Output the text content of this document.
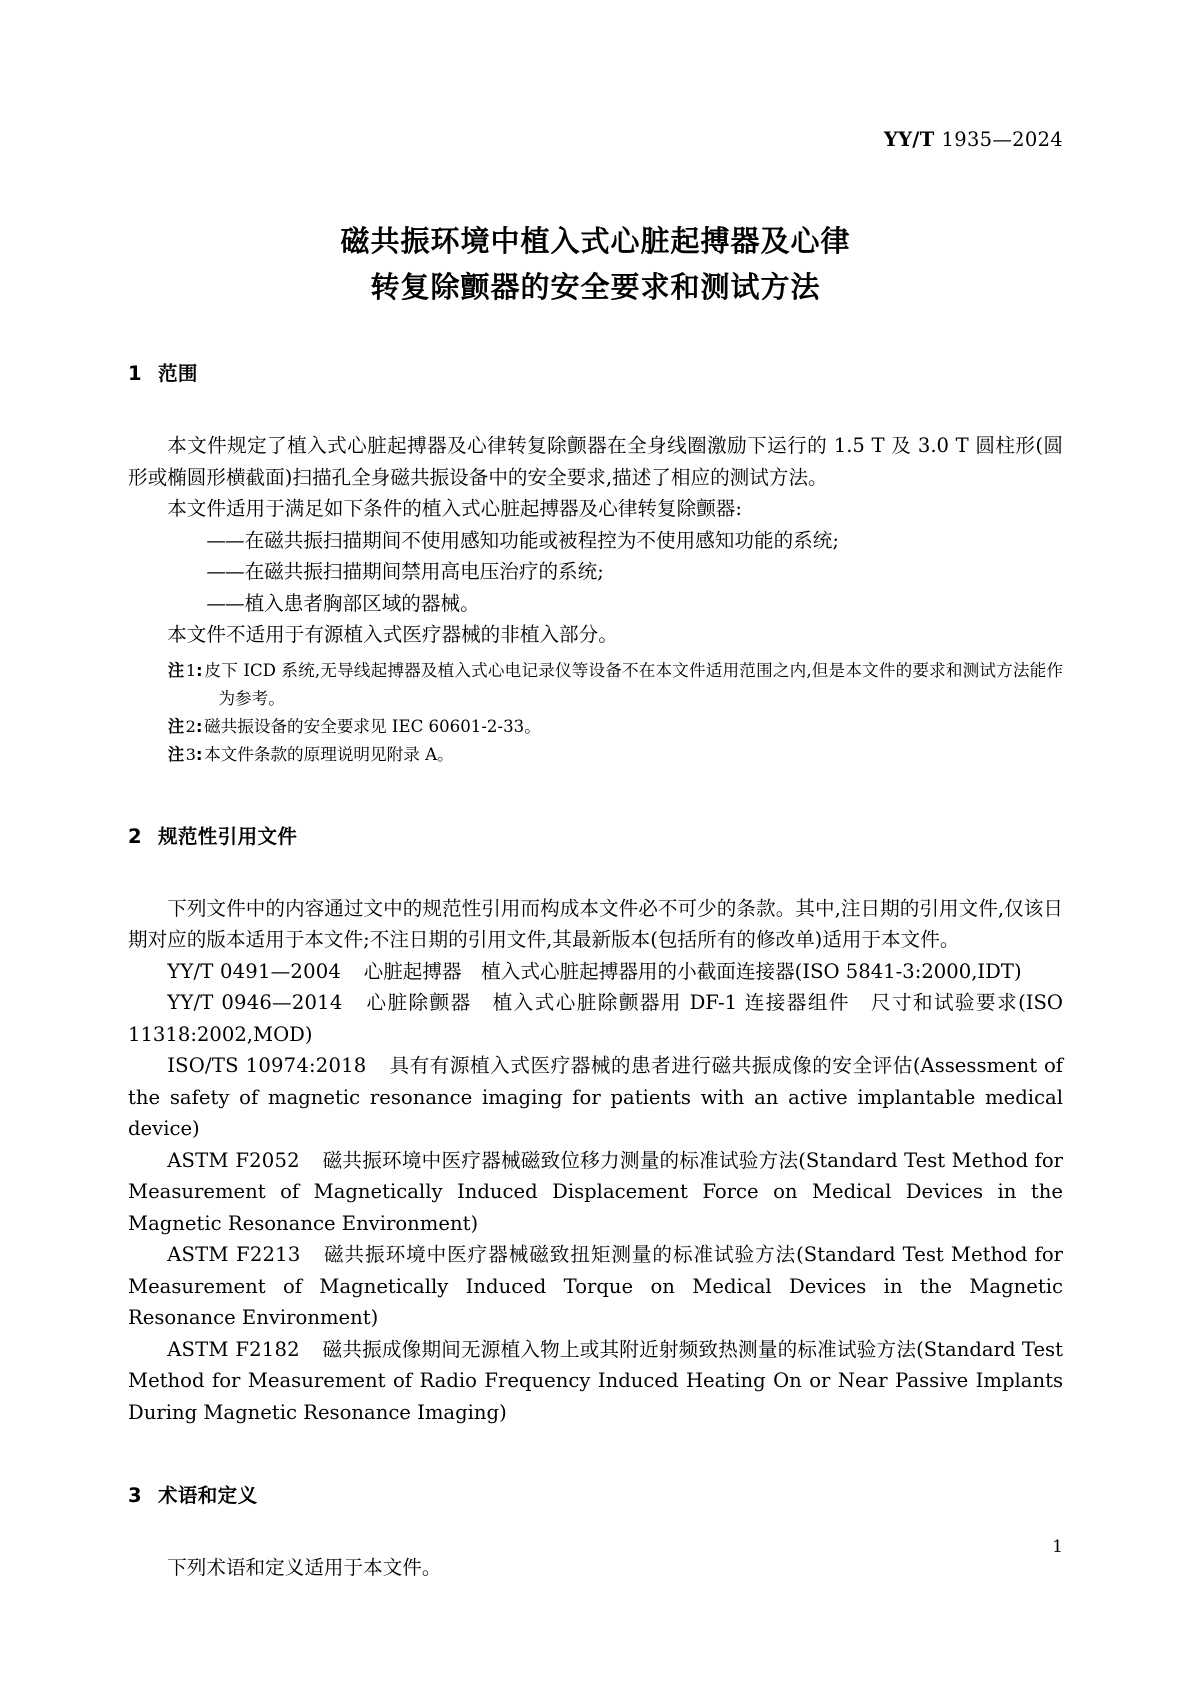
YY/T 1935—2024
磁共振环境中植入式心脏起搏器及心律
转复除颤器的安全要求和测试方法
1 范围

本文件规定了植入式心脏起搏器及心律转复除颤器在全身线圈激励下运行的 1.5 T 及 3.0 T 圆柱形(圆形或椭圆形横截面)扫描孔全身磁共振设备中的安全要求,描述了相应的测试方法。

本文件适用于满足如下条件的植入式心脏起搏器及心律转复除颤器:

——在磁共振扫描期间不使用感知功能或被程控为不使用感知功能的系统;

——在磁共振扫描期间禁用高电压治疗的系统;

——植入患者胸部区域的器械。

本文件不适用于有源植入式医疗器械的非植入部分。

注  1: 皮下 ICD 系统,无导线起搏器及植入式心电记录仪等设备不在本文件适用范围之内,但是本文件的要求和测试方法能作为参考。

注  2: 磁共振设备的安全要求见 IEC 60601-2-33。

注  3: 本文件条款的原理说明见附录 A。

2 规范性引用文件

下列文件中的内容通过文中的规范性引用而构成本文件必不可少的条款。其中,注日期的引用文件,仅该日期对应的版本适用于本文件;不注日期的引用文件,其最新版本(包括所有的修改单)适用于本文件。

YY/T 0491—2004 心脏起搏器　植入式心脏起搏器用的小截面连接器(ISO 5841-3:2000,IDT)

YY/T 0946—2014 心脏除颤器　植入式心脏除颤器用 DF-1 连接器组件　尺寸和试验要求(ISO 11318:2002,MOD)

ISO/TS 10974:2018 具有有源植入式医疗器械的患者进行磁共振成像的安全评估(Assessment of the safety of magnetic resonance imaging for patients with an active implantable medical device)

ASTM F2052 磁共振环境中医疗器械磁致位移力测量的标准试验方法(Standard Test Method for Measurement of Magnetically Induced Displacement Force on Medical Devices in the Magnetic Resonance Environment)

ASTM F2213 磁共振环境中医疗器械磁致扭矩测量的标准试验方法(Standard Test Method for Measurement of Magnetically Induced Torque on Medical Devices in the Magnetic Resonance Environment)

ASTM F2182 磁共振成像期间无源植入物上或其附近射频致热测量的标准试验方法(Standard Test Method for Measurement of Radio Frequency Induced Heating On or Near Passive Implants During Magnetic Resonance Imaging)

3 术语和定义

下列术语和定义适用于本文件。

1
